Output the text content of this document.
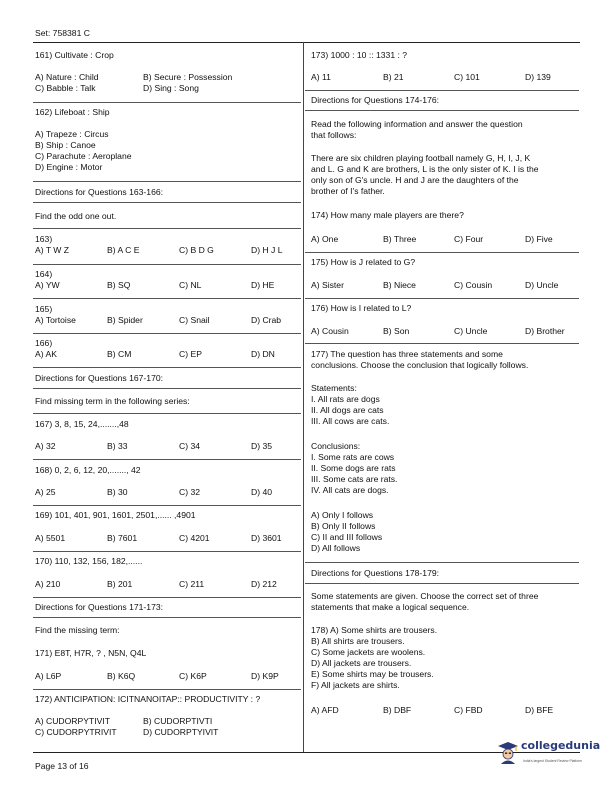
Set: 758381 C
161) Cultivate : Crop
A) Nature : Child	B) Secure : Possession
C) Babble : Talk	D) Sing : Song
162) Lifeboat : Ship
A) Trapeze : Circus
B) Ship : Canoe
C) Parachute : Aeroplane
D) Engine : Motor
Directions for Questions 163-166:
Find the odd one out.
163)
A) T W Z	B) A C E	C) B D G	D) H J L
164)
A) YW	B) SQ	C) NL	D) HE
165)
A) Tortoise	B) Spider	C) Snail	D) Crab
166)
A) AK	B) CM	C) EP	D) DN
Directions for Questions 167-170:
Find missing term in the following series:
167) 3, 8, 15, 24,.......,48
A) 32	B) 33	C) 34	D) 35
168) 0, 2, 6, 12, 20,......., 42
A) 25	B) 30	C) 32	D) 40
169) 101, 401, 901, 1601, 2501,...... ,4901
A) 5501	B) 7601	C) 4201	D) 3601
170) 110, 132, 156, 182,......
A) 210	B) 201	C) 211	D) 212
Directions for Questions 171-173:
Find the missing term:
171) E8T, H7R, ? , N5N, Q4L
A) L6P	B) K6Q	C) K6P	D) K9P
172) ANTICIPATION: ICITNANOITAP:: PRODUCTIVITY : ?
A) CUDORPYTIVIT	B) CUDORPTIVTI
C) CUDORPYTRIVIT	D) CUDORPTYIVIT
173) 1000 : 10 :: 1331 : ?
A) 11	B) 21	C) 101	D) 139
Directions for Questions 174-176:
Read the following information and answer the question
that follows:
There are six children playing football namely G, H, I, J, K
and L. G and K are brothers, L is the only sister of K. I is the
only son of G's uncle. H and J are the daughters of the
brother of I's father.
174) How many male players are there?
A) One	B) Three	C) Four	D) Five
175) How is J related to G?
A) Sister	B) Niece	C) Cousin	D) Uncle
176) How is I related to L?
A) Cousin	B) Son	C) Uncle	D) Brother
177) The question has three statements and some
conclusions. Choose the conclusion that logically follows.
Statements:
I. All rats are dogs
II. All dogs are cats
III. All cows are cats.
Conclusions:
I. Some rats are cows
II. Some dogs are rats
III. Some cats are rats.
IV. All cats are dogs.
A) Only I follows
B) Only II follows
C) II and III follows
D) All follows
Directions for Questions 178-179:
Some statements are given. Choose the correct set of three
statements that make a logical sequence.
178) A) Some shirts are trousers.
B) All shirts are trousers.
C) Some jackets are woolens.
D) All jackets are trousers.
E) Some shirts may be trousers.
F) All jackets are shirts.
A) AFD	B) DBF	C) FBD	D) BFE
Page 13 of 16
collegedunia
India's largest Student Review Platform
